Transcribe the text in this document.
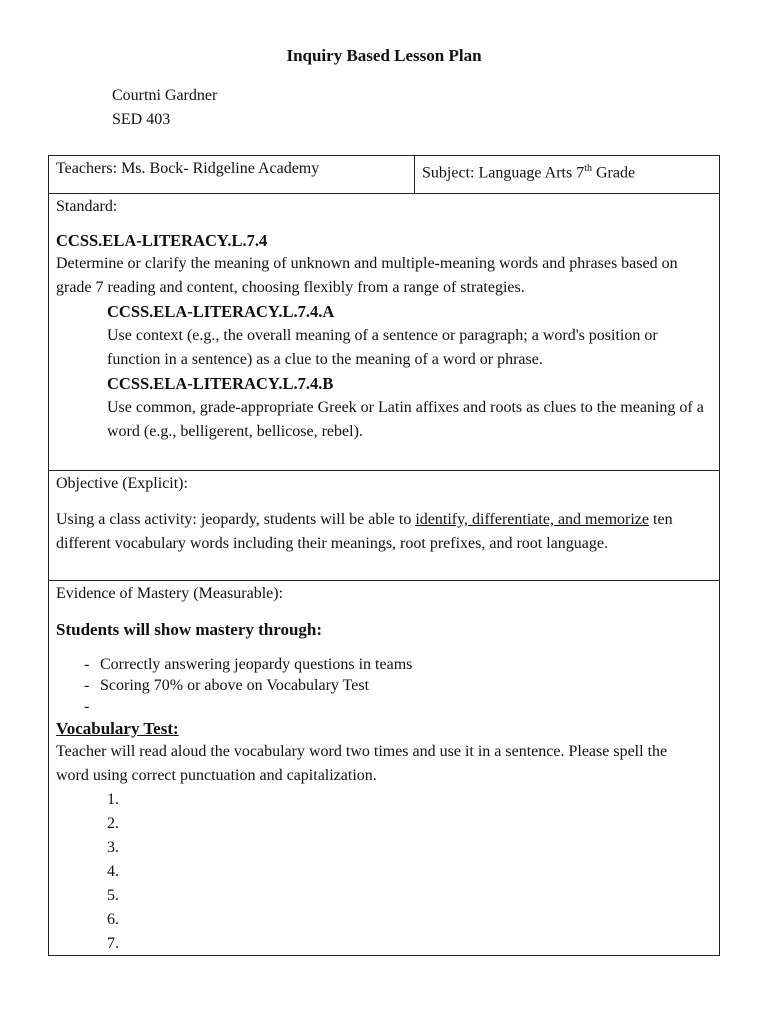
Inquiry Based Lesson Plan
Courtni Gardner
SED 403
Teachers: Ms. Bock- Ridgeline Academy	Subject: Language Arts 7th Grade
Standard:
CCSS.ELA-LITERACY.L.7.4
Determine or clarify the meaning of unknown and multiple-meaning words and phrases based on grade 7 reading and content, choosing flexibly from a range of strategies.
CCSS.ELA-LITERACY.L.7.4.A
Use context (e.g., the overall meaning of a sentence or paragraph; a word's position or function in a sentence) as a clue to the meaning of a word or phrase.
CCSS.ELA-LITERACY.L.7.4.B
Use common, grade-appropriate Greek or Latin affixes and roots as clues to the meaning of a word (e.g., belligerent, bellicose, rebel).
Objective (Explicit):
Using a class activity: jeopardy, students will be able to identify, differentiate, and memorize ten different vocabulary words including their meanings, root prefixes, and root language.
Evidence of Mastery (Measurable):
Students will show mastery through:
- Correctly answering jeopardy questions in teams
- Scoring 70% or above on Vocabulary Test
-
Vocabulary Test:
Teacher will read aloud the vocabulary word two times and use it in a sentence. Please spell the word using correct punctuation and capitalization.
1.
2.
3.
4.
5.
6.
7.
